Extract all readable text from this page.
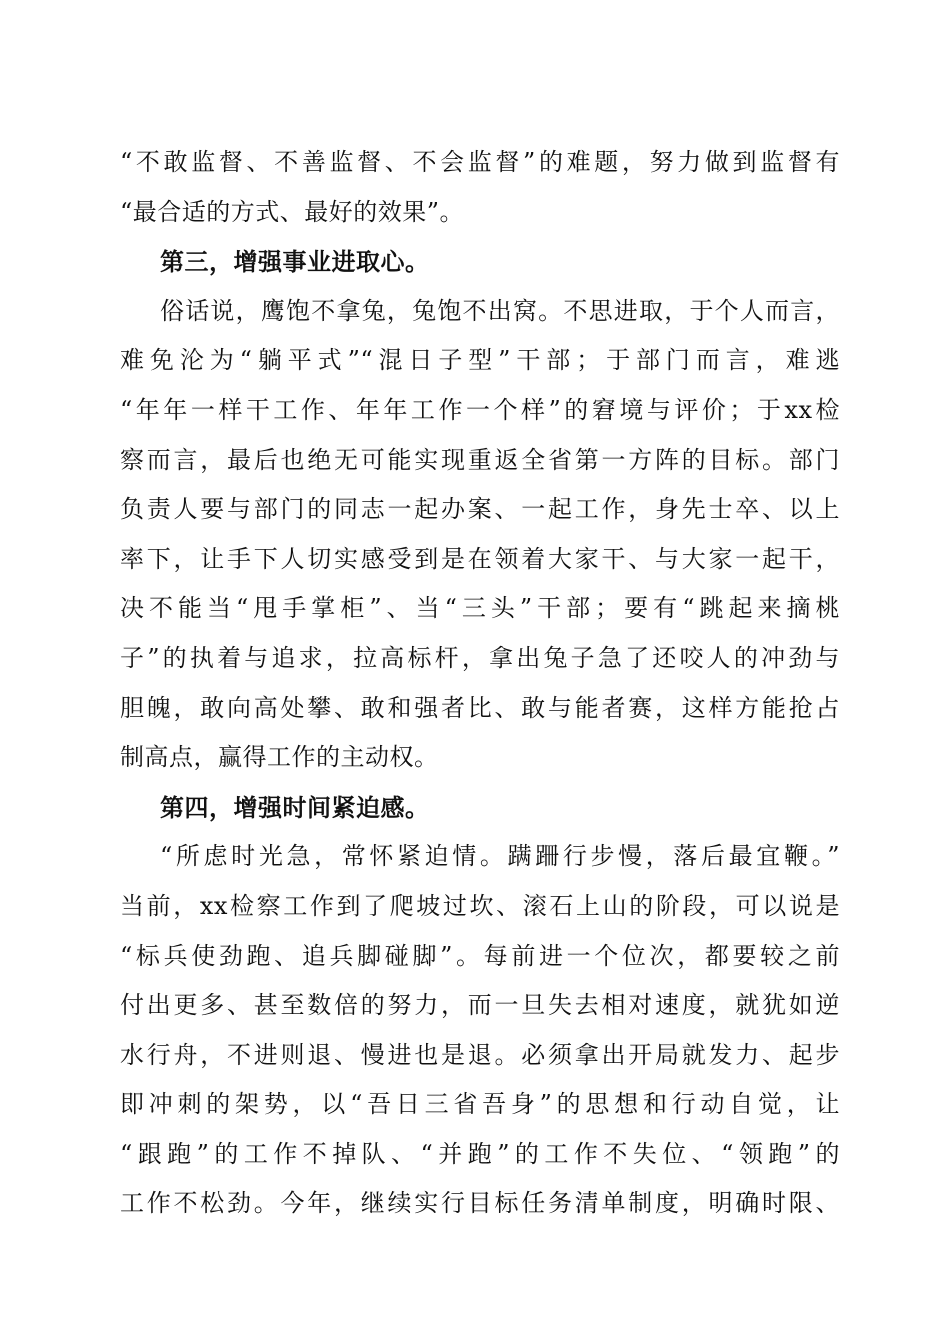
“不敢监督、不善监督、不会监督”的难题，努力做到监督有
“最合适的方式、最好的效果”。
第三，增强事业进取心。
俗话说，鹰饱不拿兔，兔饱不出窝。不思进取，于个人而言，
难免沦为“躺平式”“混日子型”干部；于部门而言，难逃
“年年一样干工作、年年工作一个样”的窘境与评价；于xx检
察而言，最后也绝无可能实现重返全省第一方阵的目标。部门
负责人要与部门的同志一起办案、一起工作，身先士卒、以上
率下，让手下人切实感受到是在领着大家干、与大家一起干，
决不能当“甩手掌柜”、当“三头”干部；要有“跳起来摘桃
子”的执着与追求，拉高标杆，拿出兔子急了还咬人的冲劲与
胆魄，敢向高处攀、敢和强者比、敢与能者赛，这样方能抢占
制高点，赢得工作的主动权。
第四，增强时间紧迫感。
“所虑时光急，常怀紧迫情。蹒跚行步慢，落后最宜鞭。”
当前，xx检察工作到了爬坡过坎、滚石上山的阶段，可以说是
“标兵使劲跑、追兵脚碰脚”。每前进一个位次，都要较之前
付出更多、甚至数倍的努力，而一旦失去相对速度，就犹如逆
水行舟，不进则退、慢进也是退。必须拿出开局就发力、起步
即冲刺的架势，以“吾日三省吾身”的思想和行动自觉，让
“跟跑”的工作不掉队、“并跑”的工作不失位、“领跑”的
工作不松劲。今年，继续实行目标任务清单制度，明确时限、
